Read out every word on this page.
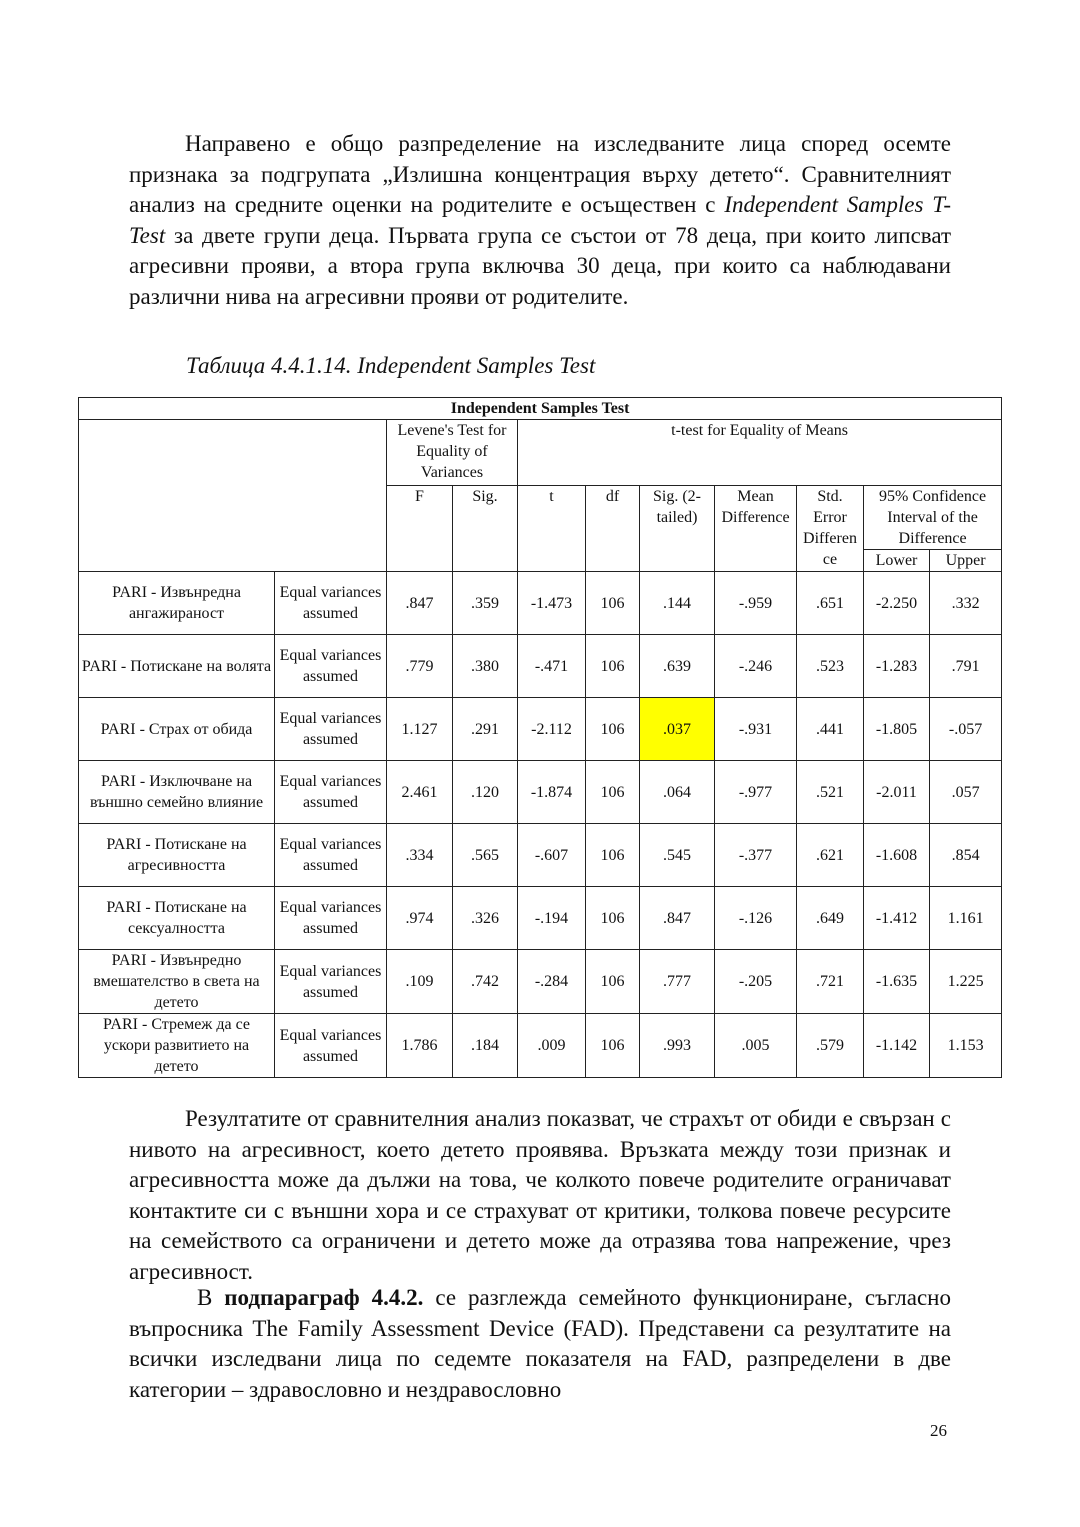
Направено е общо разпределение на изследваните лица според осемте признака за подгрупата „Излишна концентрация върху детето“. Сравнителният анализ на средните оценки на родителите е осъществен с Independent Samples T-Test за двете групи деца. Първата група се състои от 78 деца, при които липсват агресивни прояви, а втора група включва 30 деца, при които са наблюдавани различни нива на агресивни прояви от родителите.

Таблица 4.4.1.14. Independent Samples Test

Independent Samples Test										
		Levene's Test for Equality of Variances		t-test for Equality of Means						
		F	Sig.	t	df	Sig. (2-tailed)	Mean Difference	Std. Error Differen ce	95% Confidence Interval of the Difference	
									Lower	Upper
PARI - Извънредна ангажираност	Equal variances assumed	.847	.359	-1.473	106	.144	-.959	.651	-2.250	.332
PARI - Потискане на волята	Equal variances assumed	.779	.380	-.471	106	.639	-.246	.523	-1.283	.791
PARI - Страх от обида	Equal variances assumed	1.127	.291	-2.112	106	.037	-.931	.441	-1.805	-.057
PARI - Изключване на външно семейно влияние	Equal variances assumed	2.461	.120	-1.874	106	.064	-.977	.521	-2.011	.057
PARI - Потискане на агресивността	Equal variances assumed	.334	.565	-.607	106	.545	-.377	.621	-1.608	.854
PARI - Потискане на сексуалността	Equal variances assumed	.974	.326	-.194	106	.847	-.126	.649	-1.412	1.161
PARI - Извънредно вмешателство в света на детето	Equal variances assumed	.109	.742	-.284	106	.777	-.205	.721	-1.635	1.225
PARI - Стремеж да се ускори развитието на детето	Equal variances assumed	1.786	.184	.009	106	.993	.005	.579	-1.142	1.153

Резултатите от сравнителния анализ показват, че страхът от обиди е свързан с нивото на агресивност, което детето проявява. Връзката между този признак и агресивността може да дължи на това, че колкото повече родителите ограничават контактите си с външни хора и се страхуват от критики, толкова повече ресурсите на семейството са ограничени и детето може да отразява това напрежение, чрез агресивност.

В подпараграф 4.4.2. се разглежда семейното функциониране, съгласно въпросника The Family Assessment Device (FAD). Представени са резултатите на всички изследвани лица по седемте показателя на FAD, разпределени в две категории – здравословно и нездравословно

26
